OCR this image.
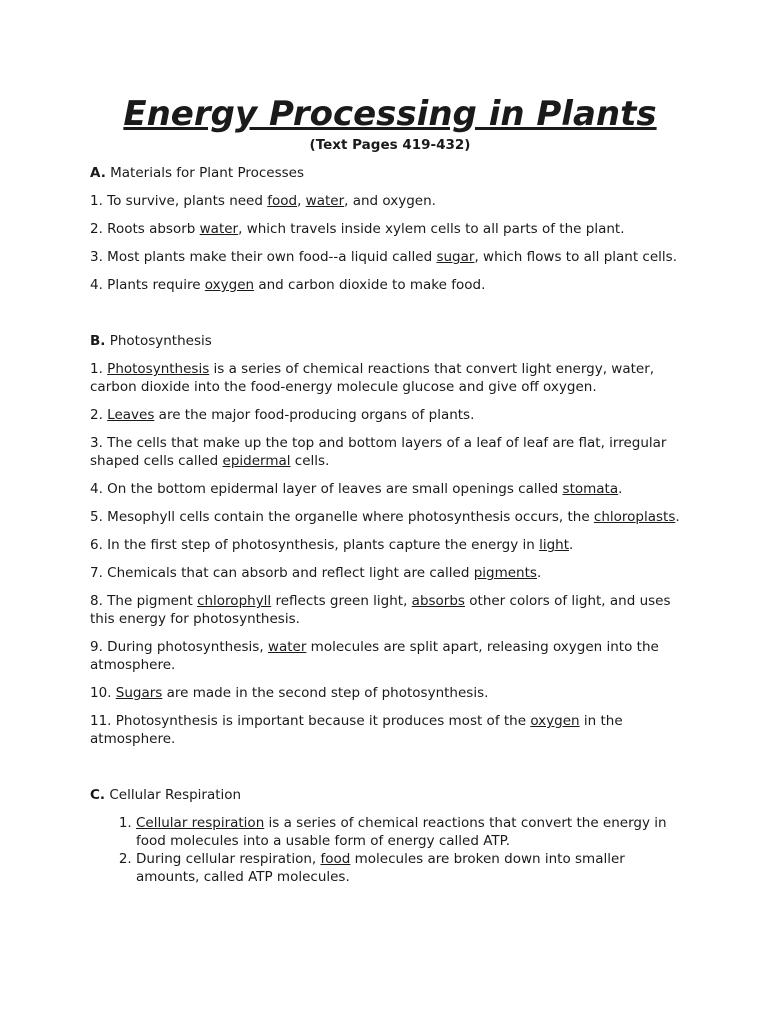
Energy Processing in Plants
(Text Pages 419-432)
A. Materials for Plant Processes
1. To survive, plants need food, water, and oxygen.
2. Roots absorb water, which travels inside xylem cells to all parts of the plant.
3. Most plants make their own food--a liquid called sugar, which flows to all plant cells.
4. Plants require oxygen and carbon dioxide to make food.
B. Photosynthesis
1. Photosynthesis is a series of chemical reactions that convert light energy, water, carbon dioxide into the food-energy molecule glucose and give off oxygen.
2. Leaves are the major food-producing organs of plants.
3. The cells that make up the top and bottom layers of a leaf of leaf are flat, irregular shaped cells called epidermal cells.
4. On the bottom epidermal layer of leaves are small openings called stomata.
5. Mesophyll cells contain the organelle where photosynthesis occurs, the chloroplasts.
6. In the first step of photosynthesis, plants capture the energy in light.
7. Chemicals that can absorb and reflect light are called pigments.
8. The pigment chlorophyll reflects green light, absorbs other colors of light, and uses this energy for photosynthesis.
9. During photosynthesis, water molecules are split apart, releasing oxygen into the atmosphere.
10. Sugars are made in the second step of photosynthesis.
11. Photosynthesis is important because it produces most of the oxygen in the atmosphere.
C. Cellular Respiration
1. Cellular respiration is a series of chemical reactions that convert the energy in food molecules into a usable form of energy called ATP.
2. During cellular respiration, food molecules are broken down into smaller amounts, called ATP molecules.
